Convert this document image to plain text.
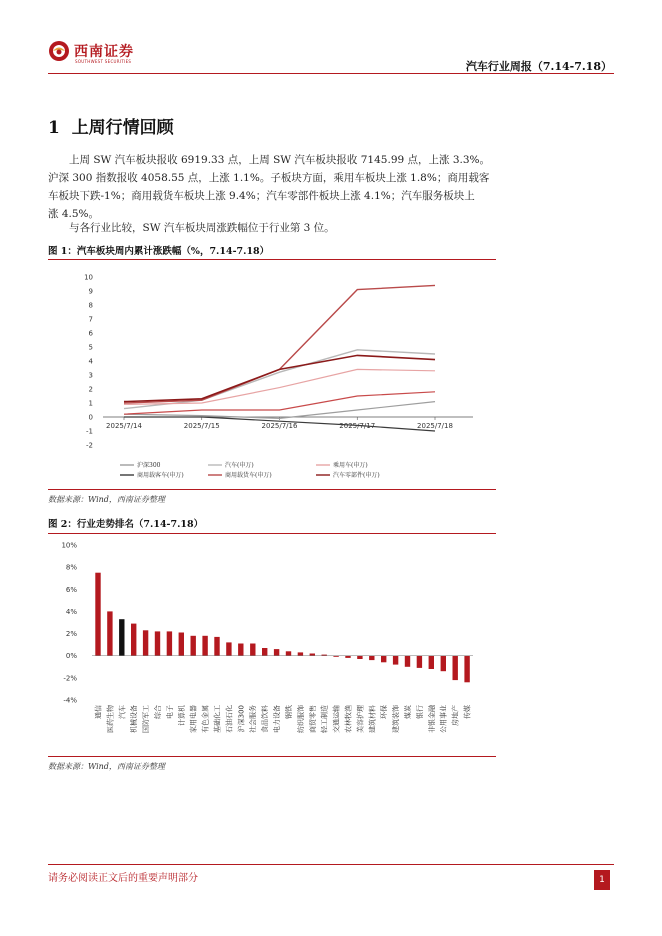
西南证券
SOUTHWEST SECURITIES	汽车行业周报（7.14-7.18）
1 上周行情回顾
上周 SW 汽车板块报收 6919.33 点，上周 SW 汽车板块报收 7145.99 点，上涨 3.3%。
沪深 300 指数报收 4058.55 点，上涨 1.1%。子板块方面，乘用车板块上涨 1.8%；商用载客
车板块下跌-1%；商用载货车板块上涨 9.4%；汽车零部件板块上涨 4.1%；汽车服务板块上
涨 4.5%。
与各行业比较，SW 汽车板块周涨跌幅位于行业第 3 位。
图 1：汽车板块周内累计涨跌幅（%，7.14-7.18）
-2
-1
0
1
2
3
4
5
6
7
8
9
10
2025/7/14	2025/7/15	2025/7/16	2025/7/17	2025/7/18
沪深300	汽车(申万)	乘用车(申万)
商用载客车(申万)	商用载货车(申万)	汽车零部件(申万)
数据来源：Wind，西南证券整理
图 2：行业走势排名（7.14-7.18）
10%
8%
6%
4%
2%
0%
-2%
-4%
通信 医药生物 汽车 机械设备 国防军工 综合 电子 计算机 家用电器 有色金属 基础化工 石油石化 沪深300 社会服务 食品饮料 电力设备 钢铁 纺织服饰 商贸零售 轻工制造 交通运输 农林牧渔 美容护理 建筑材料 环保 建筑装饰 煤炭 银行 非银金融 公用事业 房地产 传媒
数据来源：Wind，西南证券整理
请务必阅读正文后的重要声明部分	1
